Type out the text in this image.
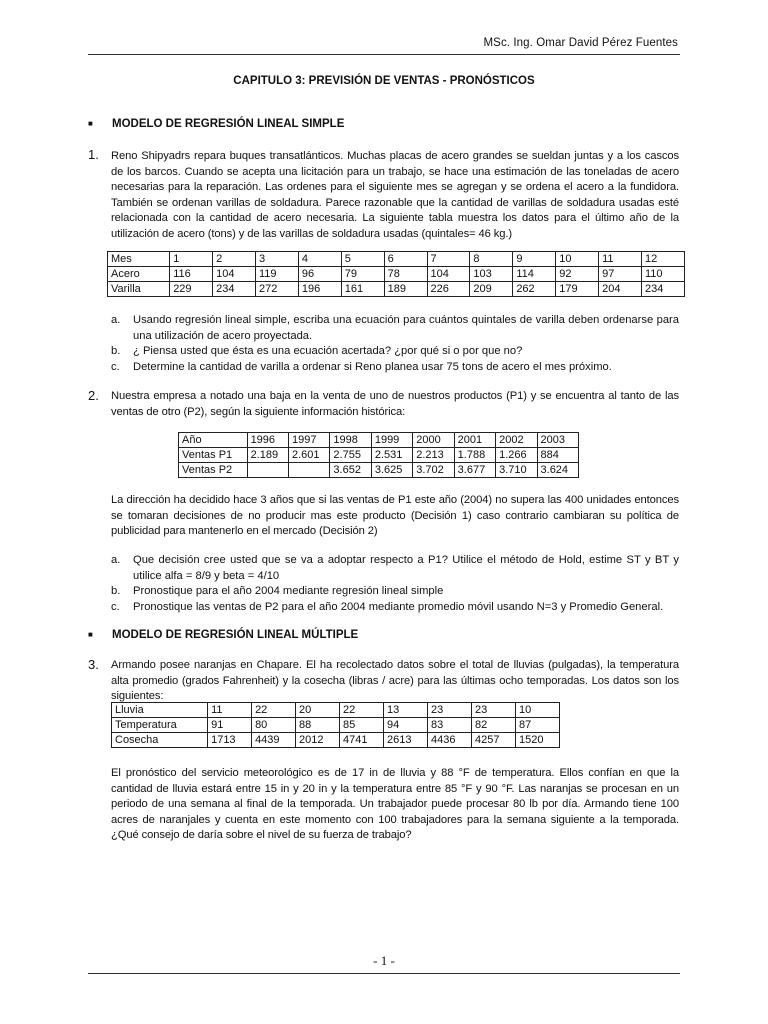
MSc. Ing. Omar David Pérez Fuentes
CAPITULO 3: PREVISIÓN DE VENTAS - PRONÓSTICOS
■ MODELO DE REGRESIÓN LINEAL SIMPLE
1. Reno Shipyadrs repara buques transatlánticos. Muchas placas de acero grandes se sueldan juntas y a los cascos de los barcos. Cuando se acepta una licitación para un trabajo, se hace una estimación de las toneladas de acero necesarias para la reparación. Las ordenes para el siguiente mes se agregan y se ordena el acero a la fundidora. También se ordenan varillas de soldadura. Parece razonable que la cantidad de varillas de soldadura usadas esté relacionada con la cantidad de acero necesaria. La siguiente tabla muestra los datos para el último año de la utilización de acero (tons) y de las varillas de soldadura usadas (quintales= 46 kg.)
Mes	1	2	3	4	5	6	7	8	9	10	11	12
Acero	116	104	119	96	79	78	104	103	114	92	97	110
Varilla	229	234	272	196	161	189	226	209	262	179	204	234
a. Usando regresión lineal simple, escriba una ecuación para cuántos quintales de varilla deben ordenarse para una utilización de acero proyectada.
b. ¿ Piensa usted que ésta es una ecuación acertada? ¿por qué si o por que no?
c. Determine la cantidad de varilla a ordenar si Reno planea usar 75 tons de acero el mes próximo.
2. Nuestra empresa a notado una baja en la venta de uno de nuestros productos (P1) y se encuentra al tanto de las ventas de otro (P2), según la siguiente información histórica:
Año	1996	1997	1998	1999	2000	2001	2002	2003
Ventas P1	2.189	2.601	2.755	2.531	2.213	1.788	1.266	884
Ventas P2			3.652	3.625	3.702	3.677	3.710	3.624
La dirección ha decidido hace 3 años que si las ventas de P1 este año (2004) no supera las 400 unidades entonces se tomaran decisiones de no producir mas este producto (Decisión 1) caso contrario cambiaran su política de publicidad para mantenerlo en el mercado (Decisión 2)
a. Que decisión cree usted que se va a adoptar respecto a P1? Utilice el método de Hold, estime ST y BT y utilice alfa = 8/9 y beta = 4/10
b. Pronostique para el año 2004 mediante regresión lineal simple
c. Pronostique las ventas de P2 para el año 2004 mediante promedio móvil usando N=3 y Promedio General.
■ MODELO DE REGRESIÓN LINEAL MÚLTIPLE
3. Armando posee naranjas en Chapare. El ha recolectado datos sobre el total de lluvias (pulgadas), la temperatura alta promedio (grados Fahrenheit) y la cosecha (libras / acre) para las últimas ocho temporadas. Los datos son los siguientes:
Lluvia	11	22	20	22	13	23	23	10
Temperatura	91	80	88	85	94	83	82	87
Cosecha	1713	4439	2012	4741	2613	4436	4257	1520
El pronóstico del servicio meteorológico es de 17 in de lluvia y 88 °F de temperatura. Ellos confían en que la cantidad de lluvia estará entre 15 in y 20 in y la temperatura entre 85 °F y 90 °F. Las naranjas se procesan en un periodo de una semana al final de la temporada. Un trabajador puede procesar 80 lb por día. Armando tiene 100 acres de naranjales y cuenta en este momento con 100 trabajadores para la semana siguiente a la temporada. ¿Qué consejo de daría sobre el nivel de su fuerza de trabajo?
- 1 -
